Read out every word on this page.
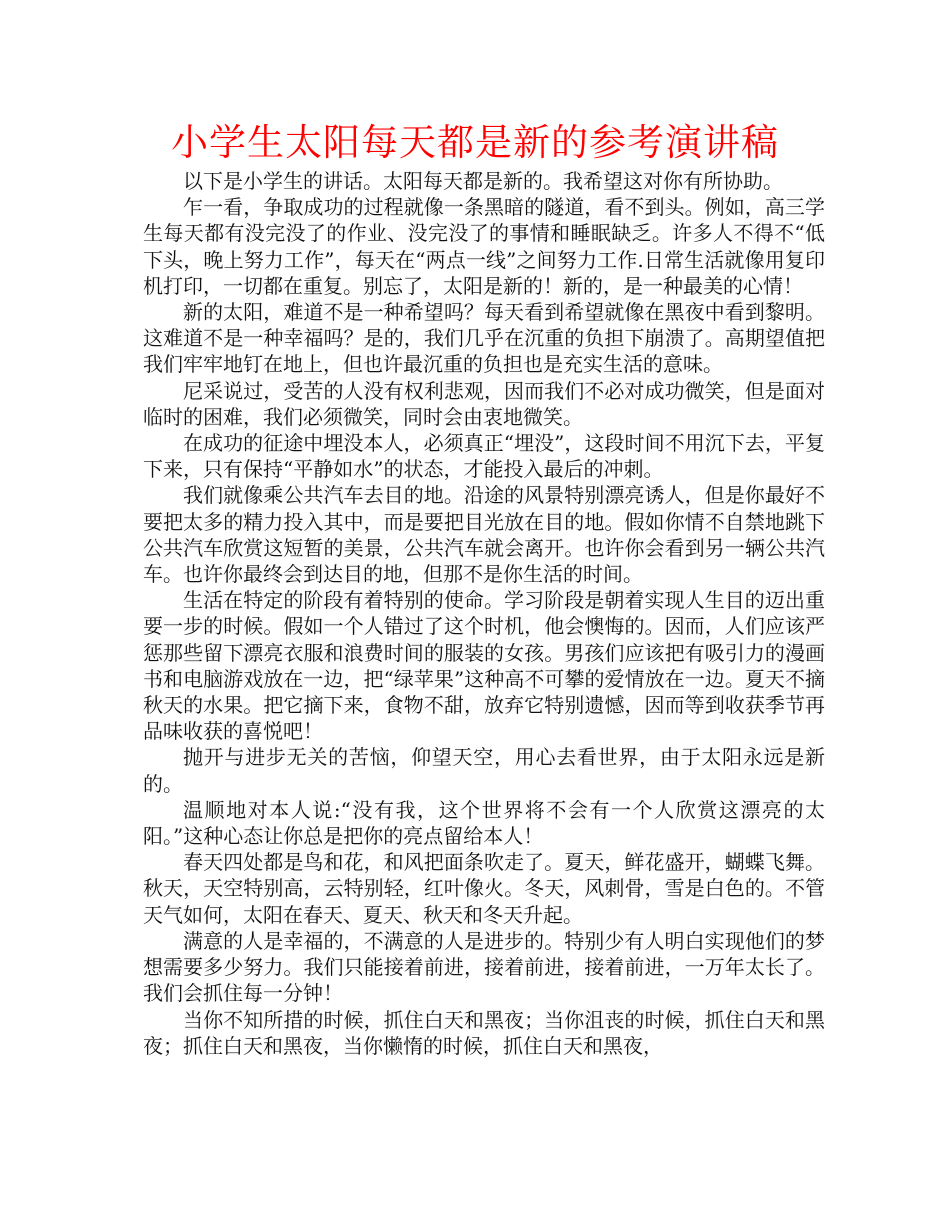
小学生太阳每天都是新的参考演讲稿

以下是小学生的讲话。太阳每天都是新的。我希望这对你有所协助。

乍一看，争取成功的过程就像一条黑暗的隧道，看不到头。例如，高三学生每天都有没完没了的作业、没完没了的事情和睡眠缺乏。许多人不得不“低下头，晚上努力工作”，每天在“两点一线”之间努力工作.日常生活就像用复印机打印，一切都在重复。别忘了，太阳是新的！新的，是一种最美的心情！

新的太阳，难道不是一种希望吗？每天看到希望就像在黑夜中看到黎明。这难道不是一种幸福吗？是的，我们几乎在沉重的负担下崩溃了。高期望值把我们牢牢地钉在地上，但也许最沉重的负担也是充实生活的意味。

尼采说过，受苦的人没有权利悲观，因而我们不必对成功微笑，但是面对临时的困难，我们必须微笑，同时会由衷地微笑。

在成功的征途中埋没本人，必须真正“埋没”，这段时间不用沉下去，平复下来，只有保持“平静如水”的状态，才能投入最后的冲刺。

我们就像乘公共汽车去目的地。沿途的风景特别漂亮诱人，但是你最好不要把太多的精力投入其中，而是要把目光放在目的地。假如你情不自禁地跳下公共汽车欣赏这短暂的美景，公共汽车就会离开。也许你会看到另一辆公共汽车。也许你最终会到达目的地，但那不是你生活的时间。

生活在特定的阶段有着特别的使命。学习阶段是朝着实现人生目的迈出重要一步的时候。假如一个人错过了这个时机，他会懊悔的。因而，人们应该严惩那些留下漂亮衣服和浪费时间的服装的女孩。男孩们应该把有吸引力的漫画书和电脑游戏放在一边，把“绿苹果”这种高不可攀的爱情放在一边。夏天不摘秋天的水果。把它摘下来，食物不甜，放弃它特别遗憾，因而等到收获季节再品味收获的喜悦吧！

抛开与进步无关的苦恼，仰望天空，用心去看世界，由于太阳永远是新的。

温顺地对本人说:“没有我，这个世界将不会有一个人欣赏这漂亮的太阳。”这种心态让你总是把你的亮点留给本人！

春天四处都是鸟和花，和风把面条吹走了。夏天，鲜花盛开，蝴蝶飞舞。秋天，天空特别高，云特别轻，红叶像火。冬天，风刺骨，雪是白色的。不管天气如何，太阳在春天、夏天、秋天和冬天升起。

满意的人是幸福的，不满意的人是进步的。特别少有人明白实现他们的梦想需要多少努力。我们只能接着前进，接着前进，接着前进，一万年太长了。我们会抓住每一分钟！

当你不知所措的时候，抓住白天和黑夜；当你沮丧的时候，抓住白天和黑夜；抓住白天和黑夜，当你懒惰的时候，抓住白天和黑夜，
